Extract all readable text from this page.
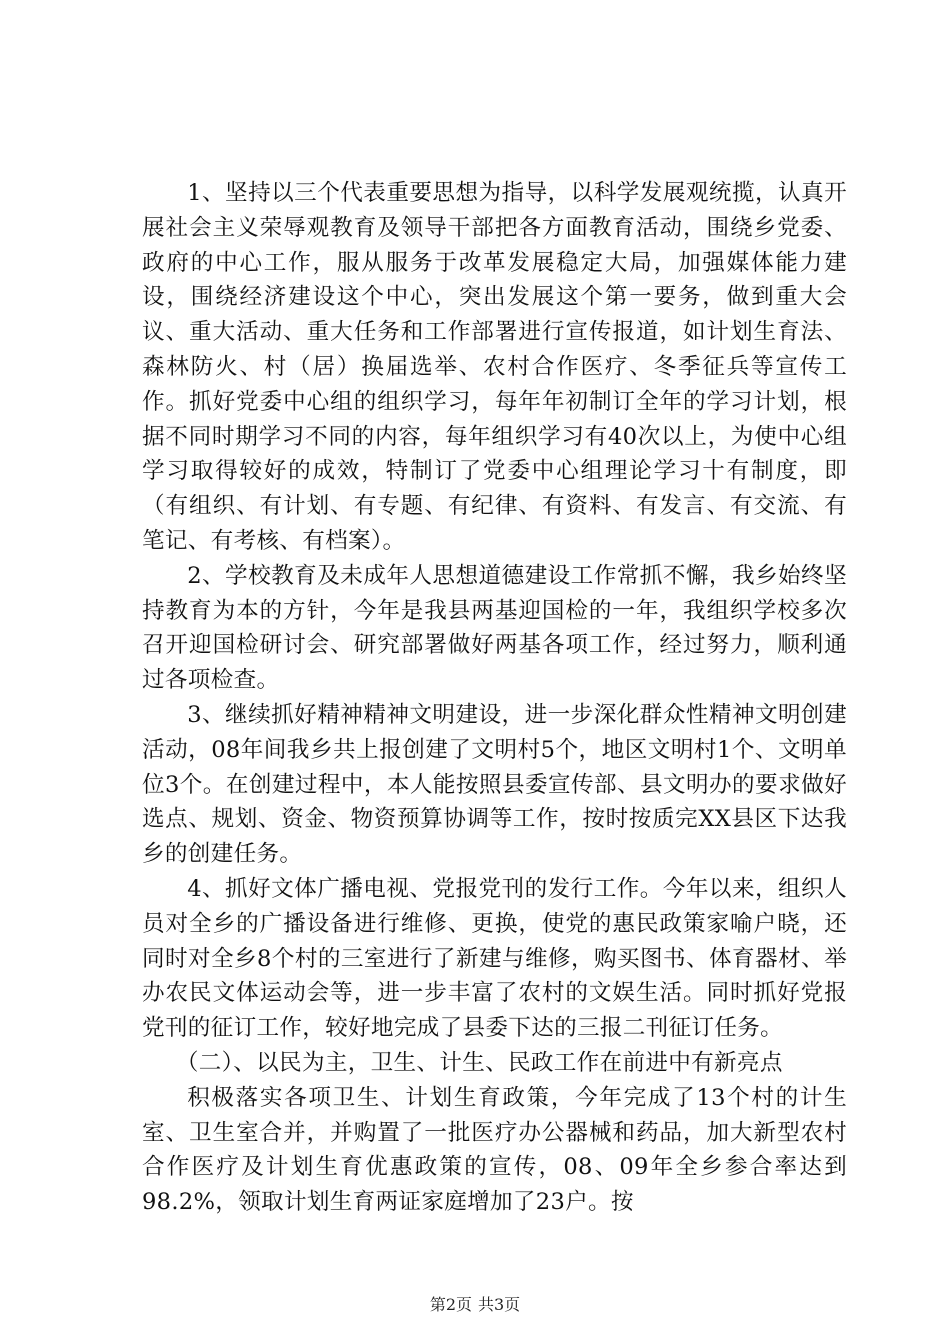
1、坚持以三个代表重要思想为指导，以科学发展观统揽，认真开展社会主义荣辱观教育及领导干部把各方面教育活动，围绕乡党委、政府的中心工作，服从服务于改革发展稳定大局，加强媒体能力建设，围绕经济建设这个中心，突出发展这个第一要务，做到重大会议、重大活动、重大任务和工作部署进行宣传报道，如计划生育法、森林防火、村（居）换届选举、农村合作医疗、冬季征兵等宣传工作。抓好党委中心组的组织学习，每年年初制订全年的学习计划，根据不同时期学习不同的内容，每年组织学习有40次以上，为使中心组学习取得较好的成效，特制订了党委中心组理论学习十有制度，即（有组织、有计划、有专题、有纪律、有资料、有发言、有交流、有笔记、有考核、有档案）。

2、学校教育及未成年人思想道德建设工作常抓不懈，我乡始终坚持教育为本的方针，今年是我县两基迎国检的一年，我组织学校多次召开迎国检研讨会、研究部署做好两基各项工作，经过努力，顺利通过各项检查。

3、继续抓好精神精神文明建设，进一步深化群众性精神文明创建活动，08年间我乡共上报创建了文明村5个，地区文明村1个、文明单位3个。在创建过程中，本人能按照县委宣传部、县文明办的要求做好选点、规划、资金、物资预算协调等工作，按时按质完XX县区下达我乡的创建任务。

4、抓好文体广播电视、党报党刊的发行工作。今年以来，组织人员对全乡的广播设备进行维修、更换，使党的惠民政策家喻户晓，还同时对全乡8个村的三室进行了新建与维修，购买图书、体育器材、举办农民文体运动会等，进一步丰富了农村的文娱生活。同时抓好党报党刊的征订工作，较好地完成了县委下达的三报二刊征订任务。

（二）、以民为主，卫生、计生、民政工作在前进中有新亮点

积极落实各项卫生、计划生育政策，今年完成了13个村的计生室、卫生室合并，并购置了一批医疗办公器械和药品，加大新型农村合作医疗及计划生育优惠政策的宣传，08、09年全乡参合率达到98.2%，领取计划生育两证家庭增加了23户。按

第2页 共3页
